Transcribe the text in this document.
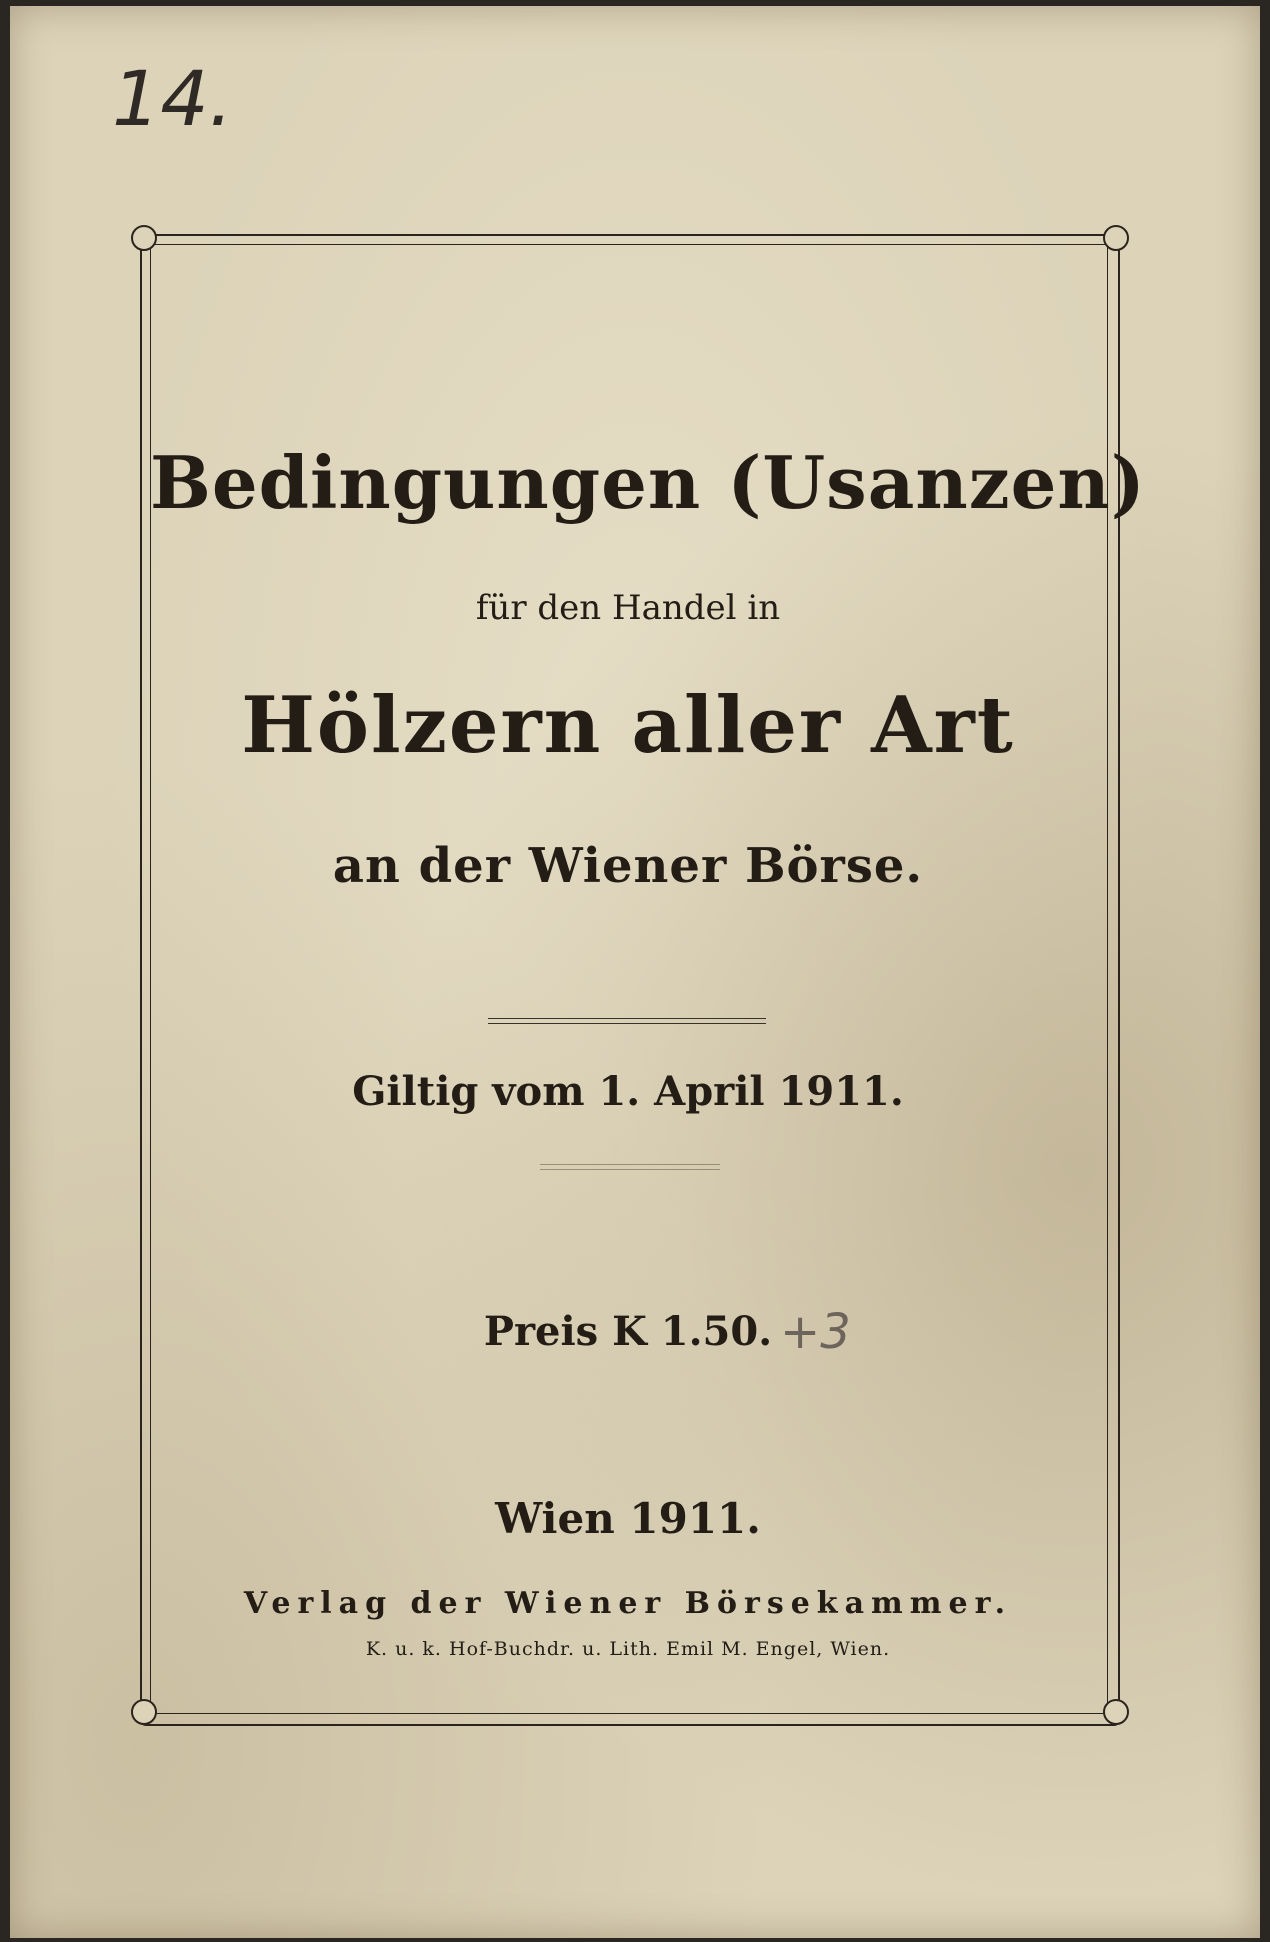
14.
Bedingungen (Usanzen)
für den Handel in
Hölzern aller Art
an der Wiener Börse.
Giltig vom 1. April 1911.
Preis K 1.50. +3
Wien 1911.
Verlag der Wiener Börsekammer.
K. u. k. Hof-Buchdr. u. Lith. Emil M. Engel, Wien.
